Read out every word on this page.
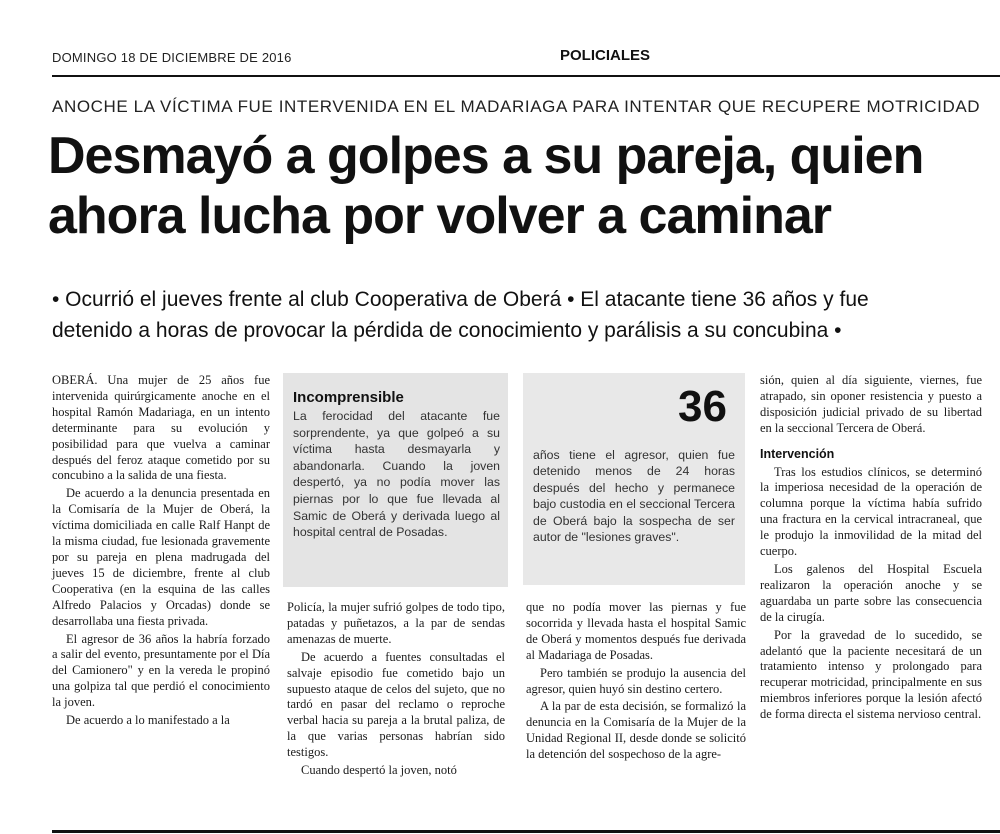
DOMINGO 18 DE DICIEMBRE DE 2016	POLICIALES
ANOCHE LA VÍCTIMA FUE INTERVENIDA EN EL MADARIAGA PARA INTENTAR QUE RECUPERE MOTRICIDAD
Desmayó a golpes a su pareja, quien
ahora lucha por volver a caminar
• Ocurrió el jueves frente al club Cooperativa de Oberá • El atacante tiene 36 años y fue
detenido a horas de provocar la pérdida de conocimiento y parálisis a su concubina •

OBERÁ. Una mujer de 25 años fue intervenida quirúrgicamente anoche en el hospital Ramón Madariaga, en un intento determinante para su evolución y posibilidad para que vuelva a caminar después del feroz ataque cometido por su concubino a la salida de una fiesta.

De acuerdo a la denuncia presentada en la Comisaría de la Mujer de Oberá, la víctima domiciliada en calle Ralf Hanpt de la misma ciudad, fue lesionada gravemente por su pareja en plena madrugada del jueves 15 de diciembre, frente al club Cooperativa (en la esquina de las calles Alfredo Palacios y Orcadas) donde se desarrollaba una fiesta privada.

El agresor de 36 años la habría forzado a salir del evento, presuntamente por el Día del Camionero" y en la vereda le propinó una golpiza tal que perdió el conocimiento la joven.

De acuerdo a lo manifestado a la

Incomprensible
La ferocidad del atacante fue sorprendente, ya que golpeó a su víctima hasta desmayarla y abandonarla. Cuando la joven despertó, ya no podía mover las piernas por lo que fue llevada al Samic de Oberá y derivada luego al hospital central de Posadas.

Policía, la mujer sufrió golpes de todo tipo, patadas y puñetazos, a la par de sendas amenazas de muerte.

De acuerdo a fuentes consultadas el salvaje episodio fue cometido bajo un supuesto ataque de celos del sujeto, que no tardó en pasar del reclamo o reproche verbal hacia su pareja a la brutal paliza, de la que varias personas habrían sido testigos.

Cuando despertó la joven, notó

36
años tiene el agresor, quien fue detenido menos de 24 horas después del hecho y permanece bajo custodia en el seccional Tercera de Oberá bajo la sospecha de ser autor de "lesiones graves".

que no podía mover las piernas y fue socorrida y llevada hasta el hospital Samic de Oberá y momentos después fue derivada al Madariaga de Posadas.

Pero también se produjo la ausencia del agresor, quien huyó sin destino certero.

A la par de esta decisión, se formalizó la denuncia en la Comisaría de la Mujer de la Unidad Regional II, desde donde se solicitó la detención del sospechoso de la agre-

sión, quien al día siguiente, viernes, fue atrapado, sin oponer resistencia y puesto a disposición judicial privado de su libertad en la seccional Tercera de Oberá.

Intervención

Tras los estudios clínicos, se determinó la imperiosa necesidad de la operación de columna porque la víctima había sufrido una fractura en la cervical intracraneal, que le produjo la inmovilidad de la mitad del cuerpo.

Los galenos del Hospital Escuela realizaron la operación anoche y se aguardaba un parte sobre las consecuencia de la cirugía.

Por la gravedad de lo sucedido, se adelantó que la paciente necesitará de un tratamiento intenso y prolongado para recuperar motricidad, principalmente en sus miembros inferiores porque la lesión afectó de forma directa el sistema nervioso central.
